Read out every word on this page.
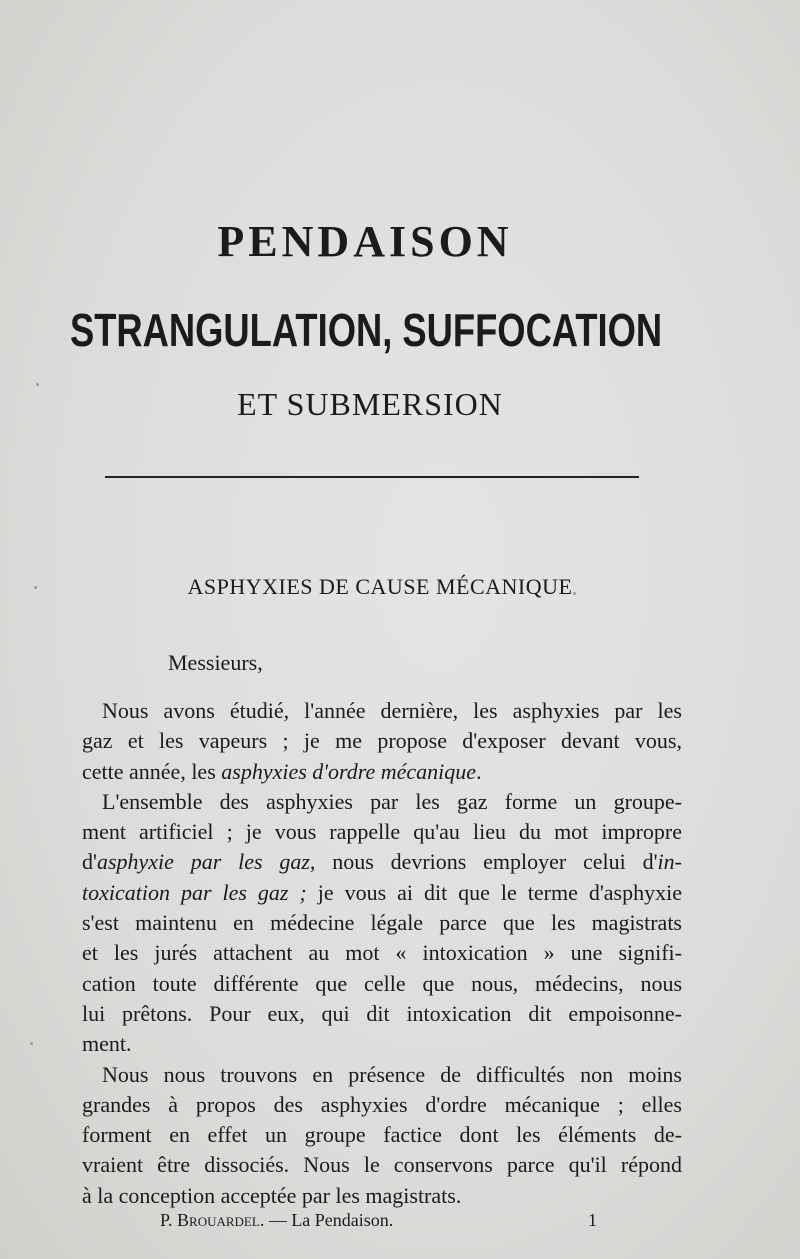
PENDAISON
STRANGULATION, SUFFOCATION
ET SUBMERSION
ASPHYXIES DE CAUSE MÉCANIQUE
Messieurs,
Nous avons étudié, l'année dernière, les asphyxies par les
gaz et les vapeurs ; je me propose d'exposer devant vous,
cette année, les asphyxies d'ordre mécanique.
L'ensemble des asphyxies par les gaz forme un groupe-
ment artificiel ; je vous rappelle qu'au lieu du mot impropre
d'asphyxie par les gaz, nous devrions employer celui d'in-
toxication par les gaz ; je vous ai dit que le terme d'asphyxie
s'est maintenu en médecine légale parce que les magistrats
et les jurés attachent au mot « intoxication » une signifi-
cation toute différente que celle que nous, médecins, nous
lui prêtons. Pour eux, qui dit intoxication dit empoisonne-
ment.
Nous nous trouvons en présence de difficultés non moins
grandes à propos des asphyxies d'ordre mécanique ; elles
forment en effet un groupe factice dont les éléments de-
vraient être dissociés. Nous le conservons parce qu'il répond
à la conception acceptée par les magistrats.
P. Brouardel. — La Pendaison.	1
